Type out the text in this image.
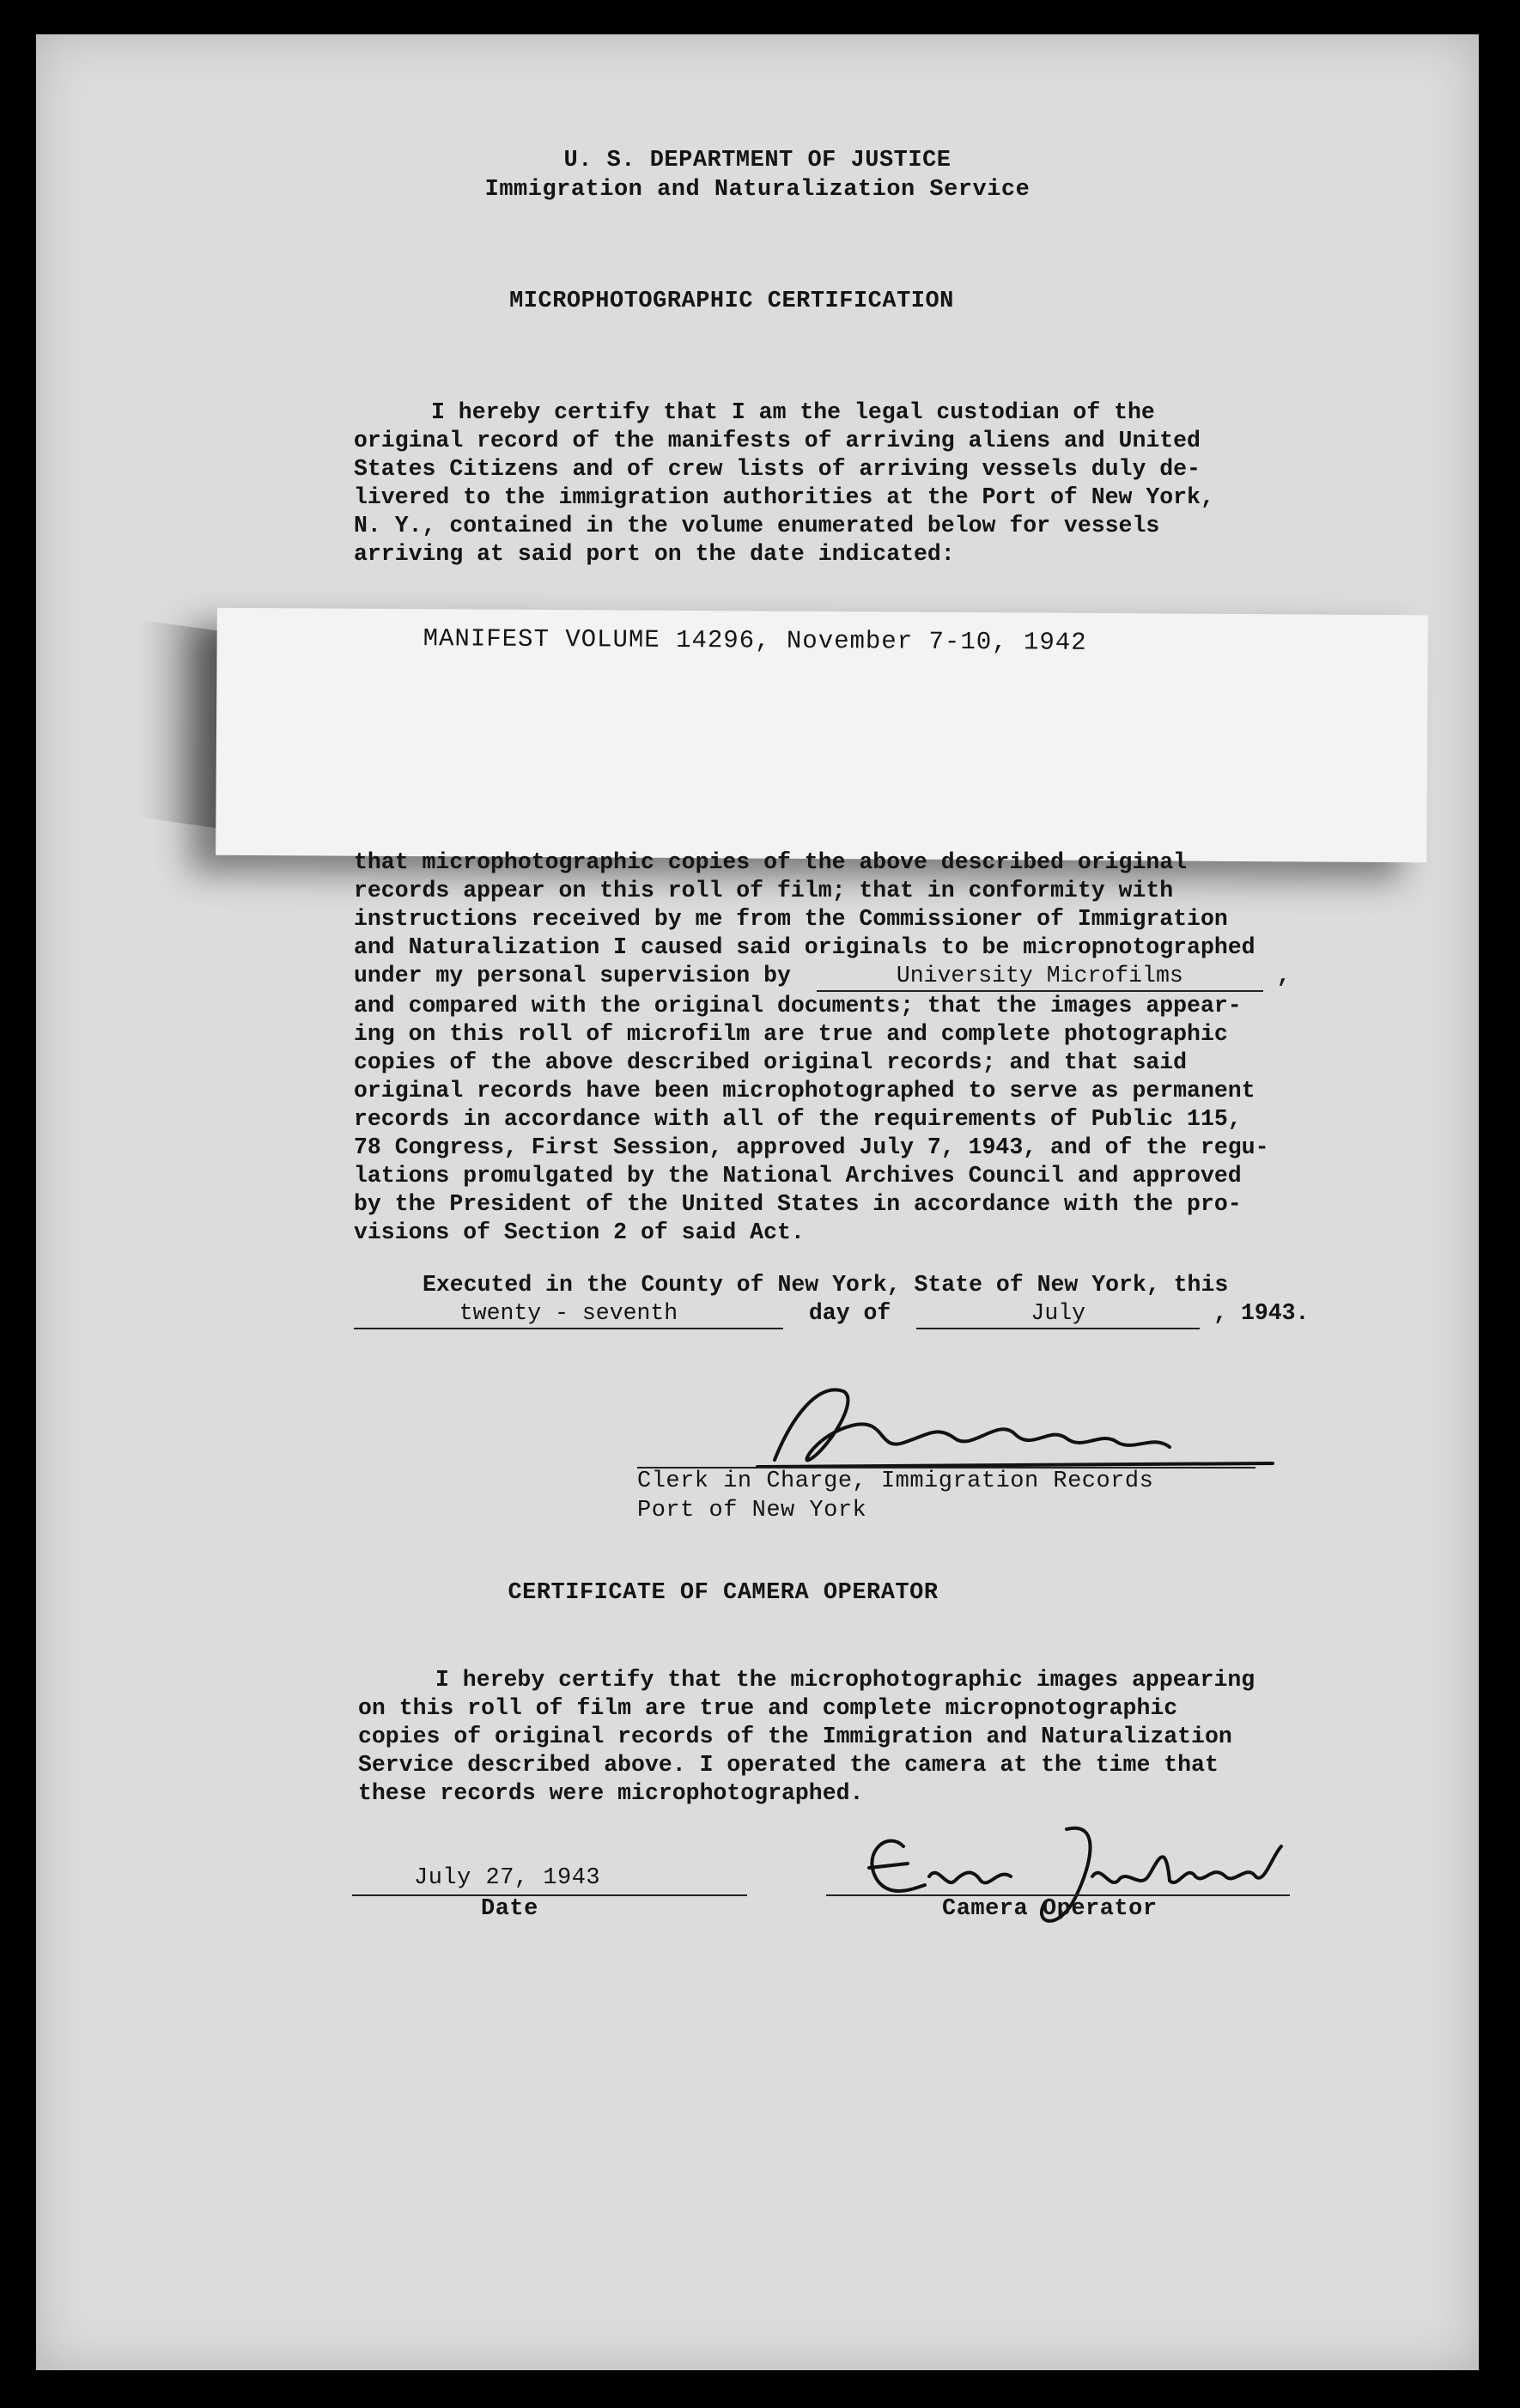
U. S. DEPARTMENT OF JUSTICE
Immigration and Naturalization Service
MICROPHOTOGRAPHIC CERTIFICATION
I hereby certify that I am the legal custodian of the
original record of the manifests of arriving aliens and United
States Citizens and of crew lists of arriving vessels duly de-
livered to the immigration authorities at the Port of New York,
N. Y., contained in the volume enumerated below for vessels
arriving at said port on the date indicated:
MANIFEST VOLUME 14296, November 7-10, 1942
that microphotographic copies of the above described original
records appear on this roll of film; that in conformity with
instructions received by me from the Commissioner of Immigration
and Naturalization I caused said originals to be micropnotographed
under my personal supervision by	University Microfilms	,
and compared with the original documents; that the images appear-
ing on this roll of microfilm are true and complete photographic
copies of the above described original records; and that said
original records have been microphotographed to serve as permanent
records in accordance with all of the requirements of Public 115,
78 Congress, First Session, approved July 7, 1943, and of the regu-
lations promulgated by the National Archives Council and approved
by the President of the United States in accordance with the pro-
visions of Section 2 of said Act.
Executed in the County of New York, State of New York, this
twenty - seventh	day of	July	, 1943.
Clerk in Charge, Immigration Records
Port of New York
CERTIFICATE OF CAMERA OPERATOR
I hereby certify that the microphotographic images appearing
on this roll of film are true and complete micropnotographic
copies of original records of the Immigration and Naturalization
Service described above. I operated the camera at the time that
these records were microphotographed.
July 27, 1943
Date	Camera Operator
